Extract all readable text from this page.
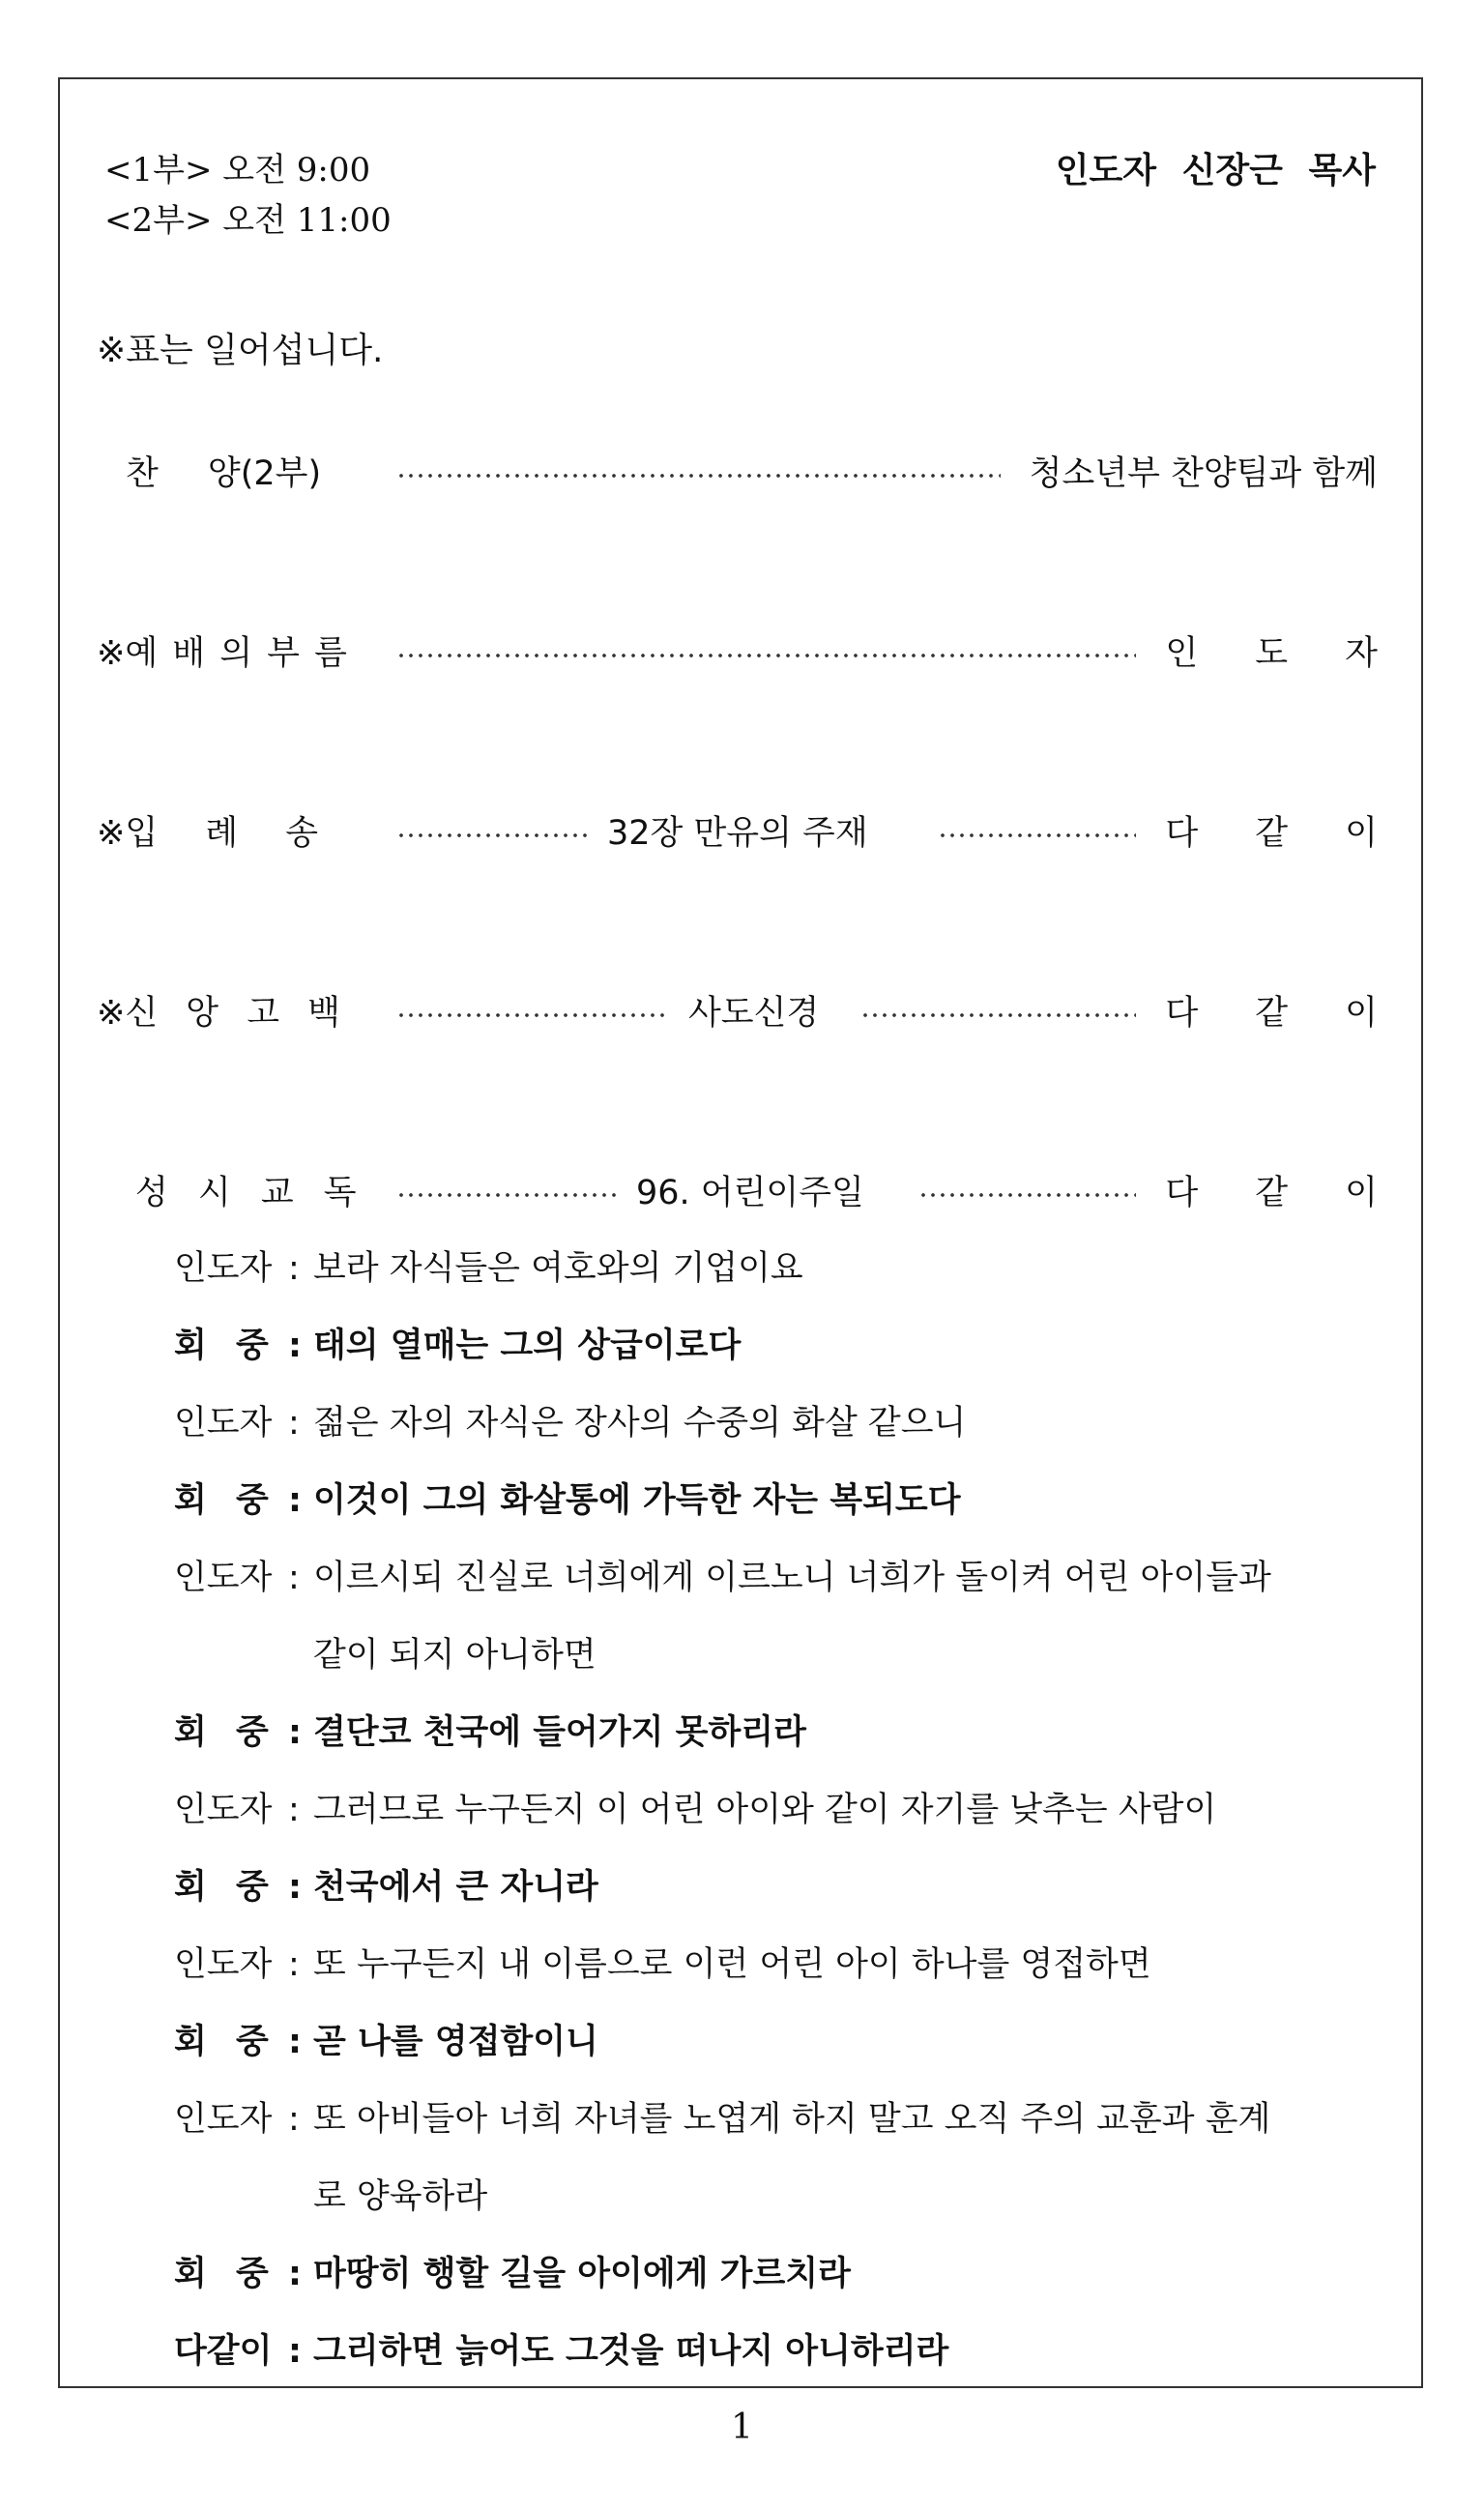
<1부> 오전 9:00
<2부> 오전 11:00
인도자 신장근 목사
※표는 일어섭니다.
찬 양(2부)	청소년부 찬양팀과 함께
※예 배 의 부 름	인 도 자
※입 례 송	32장 만유의 주재	다 같 이
※신 앙 고 백	사도신경	다 같 이
성 시 교 독	96. 어린이주일	다 같 이
인도자 : 보라 자식들은 여호와의 기업이요
회 중 : 태의 열매는 그의 상급이로다
인도자 : 젊은 자의 자식은 장사의 수중의 화살 같으니
회 중 : 이것이 그의 화살통에 가득한 자는 복되도다
인도자 : 이르시되 진실로 너희에게 이르노니 너희가 돌이켜 어린 아이들과
같이 되지 아니하면
회 중 : 결단코 천국에 들어가지 못하리라
인도자 : 그러므로 누구든지 이 어린 아이와 같이 자기를 낮추는 사람이
회 중 : 천국에서 큰 자니라
인도자 : 또 누구든지 내 이름으로 이런 어린 아이 하나를 영접하면
회 중 : 곧 나를 영접함이니
인도자 : 또 아비들아 너희 자녀를 노엽게 하지 말고 오직 주의 교훈과 훈계
로 양육하라
회 중 : 마땅히 행할 길을 아이에게 가르치라
다같이 : 그리하면 늙어도 그것을 떠나지 아니하리라
1
